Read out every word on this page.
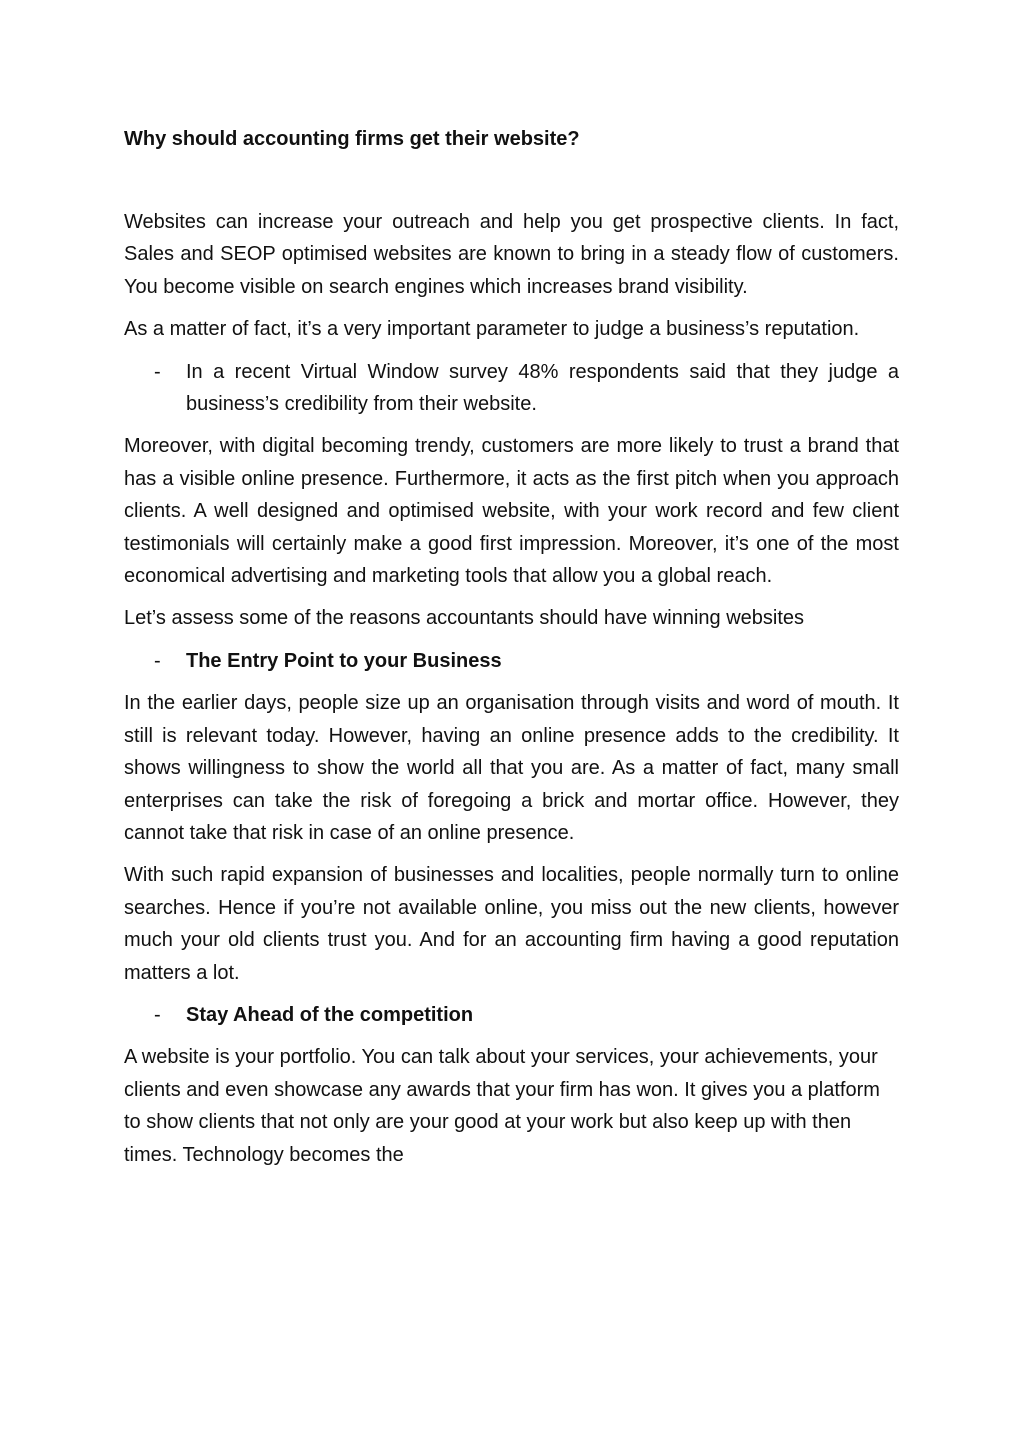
Why should accounting firms get their website?

Websites can increase your outreach and help you get prospective clients. In fact, Sales and SEOP optimised websites are known to bring in a steady flow of customers. You become visible on search engines which increases brand visibility.

As a matter of fact, it’s a very important parameter to judge a business’s reputation.

-	In a recent Virtual Window survey 48% respondents said that they judge a business’s credibility from their website.

Moreover, with digital becoming trendy, customers are more likely to trust a brand that has a visible online presence. Furthermore, it acts as the first pitch when you approach clients. A well designed and optimised website, with your work record and few client testimonials will certainly make a good first impression. Moreover, it’s one of the most economical advertising and marketing tools that allow you a global reach.

Let’s assess some of the reasons accountants should have winning websites

-	The Entry Point to your Business

In the earlier days, people size up an organisation through visits and word of mouth. It still is relevant today. However, having an online presence adds to the credibility. It shows willingness to show the world all that you are. As a matter of fact, many small enterprises can take the risk of foregoing a brick and mortar office. However, they cannot take that risk in case of an online presence.

With such rapid expansion of businesses and localities, people normally turn to online searches. Hence if you’re not available online, you miss out the new clients, however much your old clients trust you. And for an accounting firm having a good reputation matters a lot.

-	Stay Ahead of the competition

A website is your portfolio. You can talk about your services, your achievements, your clients and even showcase any awards that your firm has won. It gives you a platform to show clients that not only are your good at your work but also keep up with then times. Technology becomes the
